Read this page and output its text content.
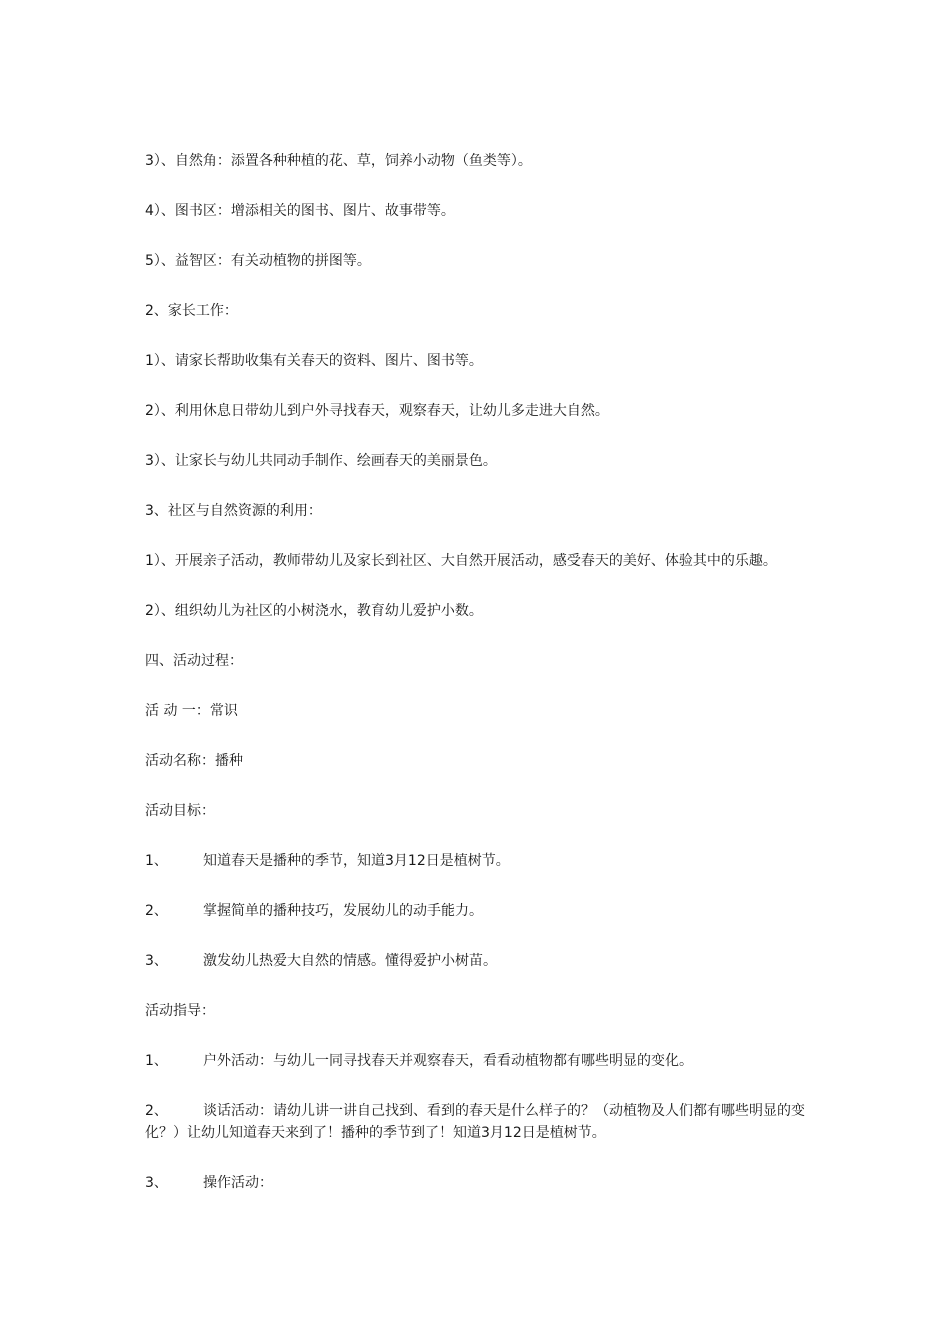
3）、自然角：添置各种种植的花、草，饲养小动物（鱼类等）。

4）、图书区：增添相关的图书、图片、故事带等。

5）、益智区：有关动植物的拼图等。

2、家长工作：

1）、请家长帮助收集有关春天的资料、图片、图书等。

2）、利用休息日带幼儿到户外寻找春天，观察春天，让幼儿多走进大自然。

3）、让家长与幼儿共同动手制作、绘画春天的美丽景色。

3、社区与自然资源的利用：

1）、开展亲子活动，教师带幼儿及家长到社区、大自然开展活动，感受春天的美好、体验其中的乐趣。

2）、组织幼儿为社区的小树浇水，教育幼儿爱护小数。

四、活动过程：

活 动 一：常识

活动名称：播种

活动目标：

1、	知道春天是播种的季节，知道3月12日是植树节。

2、	掌握简单的播种技巧，发展幼儿的动手能力。

3、	激发幼儿热爱大自然的情感。懂得爱护小树苗。

活动指导：

1、	户外活动：与幼儿一同寻找春天并观察春天，看看动植物都有哪些明显的变化。

2、	谈话活动：请幼儿讲一讲自己找到、看到的春天是什么样子的？（动植物及人们都有哪些明显的变化？）让幼儿知道春天来到了！播种的季节到了！知道3月12日是植树节。

3、	操作活动：
